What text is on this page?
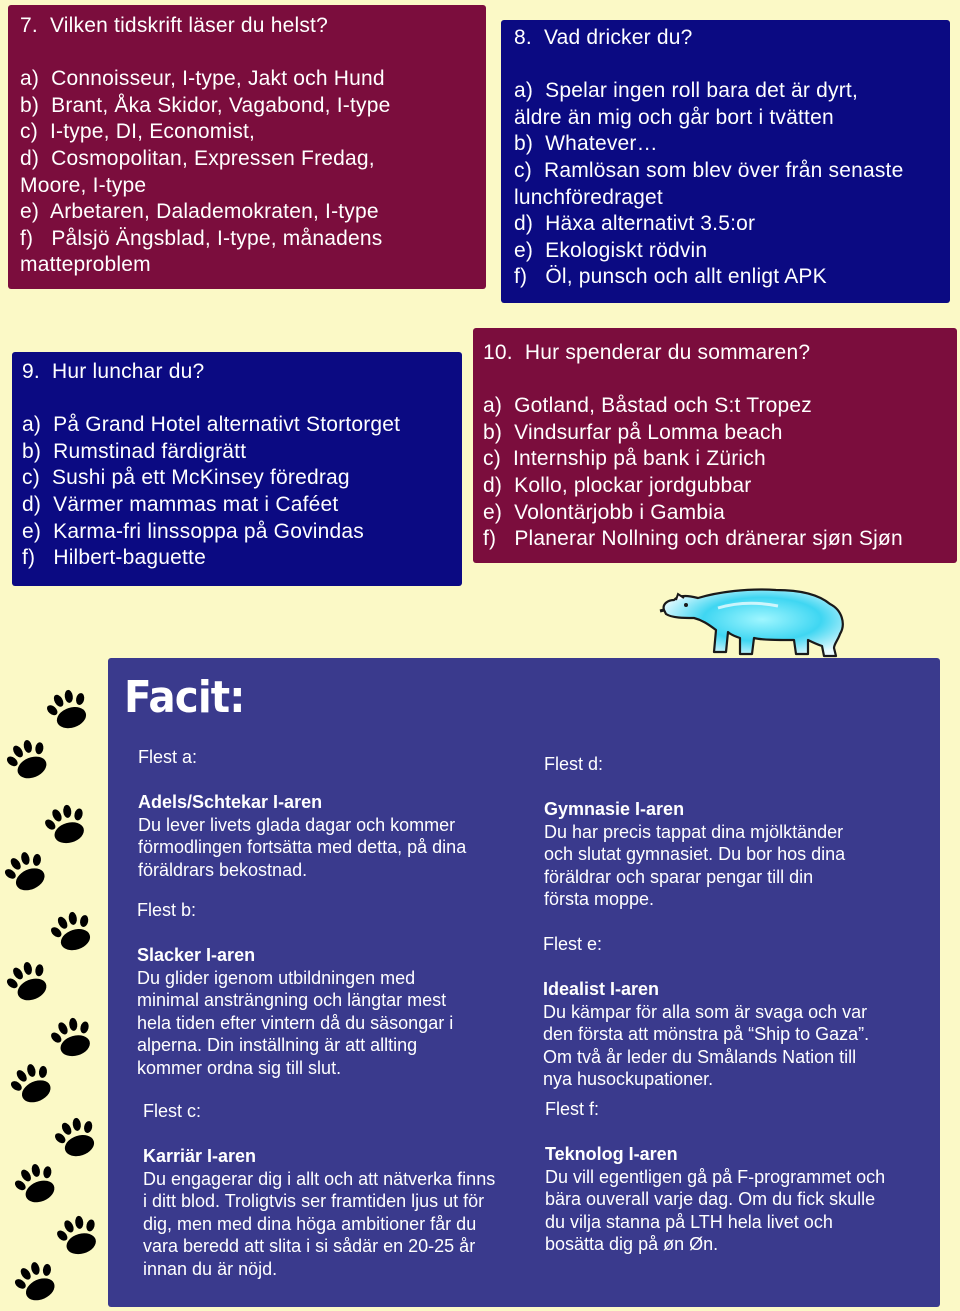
7.  Vilken tidskrift läser du helst?
a)  Connoisseur, I-type, Jakt och Hund
b)  Brant, Åka Skidor, Vagabond, I-type
c)  I-type, DI, Economist,
d)  Cosmopolitan, Expressen Fredag,
Moore, I-type
e)  Arbetaren, Dalademokraten, I-type
f)   Pålsjö Ängsblad, I-type, månadens
matteproblem
8.  Vad dricker du?
a)  Spelar ingen roll bara det är dyrt,
äldre än mig och går bort i tvätten
b)  Whatever…
c)  Ramlösan som blev över från senaste
lunchföredraget
d)  Häxa alternativt 3.5:or
e)  Ekologiskt rödvin
f)   Öl, punsch och allt enligt APK
9.  Hur lunchar du?
a)  På Grand Hotel alternativt Stortorget
b)  Rumstinad färdigrätt
c)  Sushi på ett McKinsey föredrag
d)  Värmer mammas mat i Caféet
e)  Karma-fri linssoppa på Govindas
f)   Hilbert-baguette
10.  Hur spenderar du sommaren?
a)  Gotland, Båstad och S:t Tropez
b)  Vindsurfar på Lomma beach
c)  Internship på bank i Zürich
d)  Kollo, plockar jordgubbar
e)  Volontärjobb i Gambia
f)   Planerar Nollning och dränerar sjøn Sjøn
Facit:
Flest a:
Adels/Schtekar I-aren
Du lever livets glada dagar och kommer
förmodlingen fortsätta med detta, på dina
föräldrars bekostnad.
Flest b:
Slacker I-aren
Du glider igenom utbildningen med
minimal ansträngning och längtar mest
hela tiden efter vintern då du säsongar i
alperna. Din inställning är att allting
kommer ordna sig till slut.
Flest c:
Karriär I-aren
Du engagerar dig i allt och att nätverka finns
i ditt blod. Troligtvis ser framtiden ljus ut för
dig, men med dina höga ambitioner får du
vara beredd att slita i si sådär en 20-25 år
innan du är nöjd.
Flest d:
Gymnasie I-aren
Du har precis tappat dina mjölktänder
och slutat gymnasiet. Du bor hos dina
föräldrar och sparar pengar till din
första moppe.
Flest e:
Idealist I-aren
Du kämpar för alla som är svaga och var
den första att mönstra på “Ship to Gaza”.
Om två år leder du Smålands Nation till
nya husockupationer.
Flest f:
Teknolog I-aren
Du vill egentligen gå på F-programmet och
bära ouverall varje dag. Om du fick skulle
du vilja stanna på LTH hela livet och
bosätta dig på øn Øn.
